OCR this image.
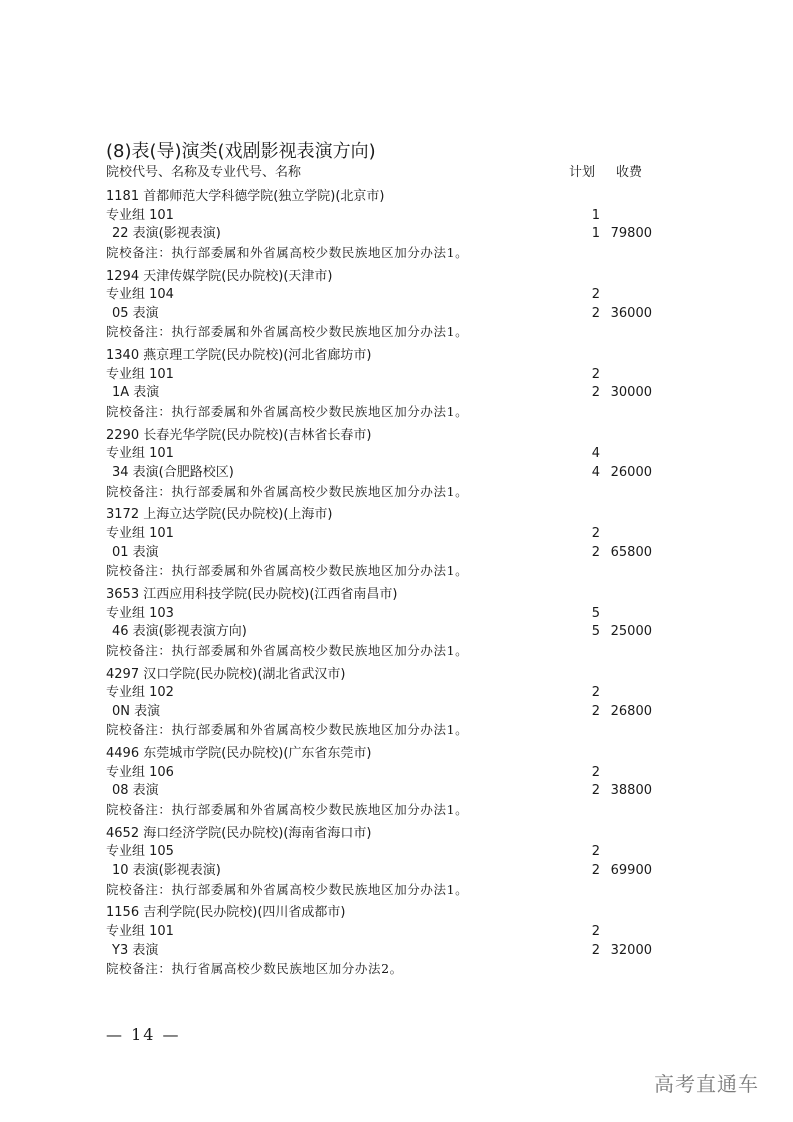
(8)表(导)演类(戏剧影视表演方向)
院校代号、名称及专业代号、名称	计划	收费
1181 首都师范大学科德学院(独立学院)(北京市)
专业组 101	1
22 表演(影视表演)	1 79800
院校备注：执行部委属和外省属高校少数民族地区加分办法1。
1294 天津传媒学院(民办院校)(天津市)
专业组 104	2
05 表演	2 36000
院校备注：执行部委属和外省属高校少数民族地区加分办法1。
1340 燕京理工学院(民办院校)(河北省廊坊市)
专业组 101	2
1A 表演	2 30000
院校备注：执行部委属和外省属高校少数民族地区加分办法1。
2290 长春光华学院(民办院校)(吉林省长春市)
专业组 101	4
34 表演(合肥路校区)	4 26000
院校备注：执行部委属和外省属高校少数民族地区加分办法1。
3172 上海立达学院(民办院校)(上海市)
专业组 101	2
01 表演	2 65800
院校备注：执行部委属和外省属高校少数民族地区加分办法1。
3653 江西应用科技学院(民办院校)(江西省南昌市)
专业组 103	5
46 表演(影视表演方向)	5 25000
院校备注：执行部委属和外省属高校少数民族地区加分办法1。
4297 汉口学院(民办院校)(湖北省武汉市)
专业组 102	2
0N 表演	2 26800
院校备注：执行部委属和外省属高校少数民族地区加分办法1。
4496 东莞城市学院(民办院校)(广东省东莞市)
专业组 106	2
08 表演	2 38800
院校备注：执行部委属和外省属高校少数民族地区加分办法1。
4652 海口经济学院(民办院校)(海南省海口市)
专业组 105	2
10 表演(影视表演)	2 69900
院校备注：执行部委属和外省属高校少数民族地区加分办法1。
1156 吉利学院(民办院校)(四川省成都市)
专业组 101	2
Y3 表演	2 32000
院校备注：执行省属高校少数民族地区加分办法2。
— 14 —
高考直通车
